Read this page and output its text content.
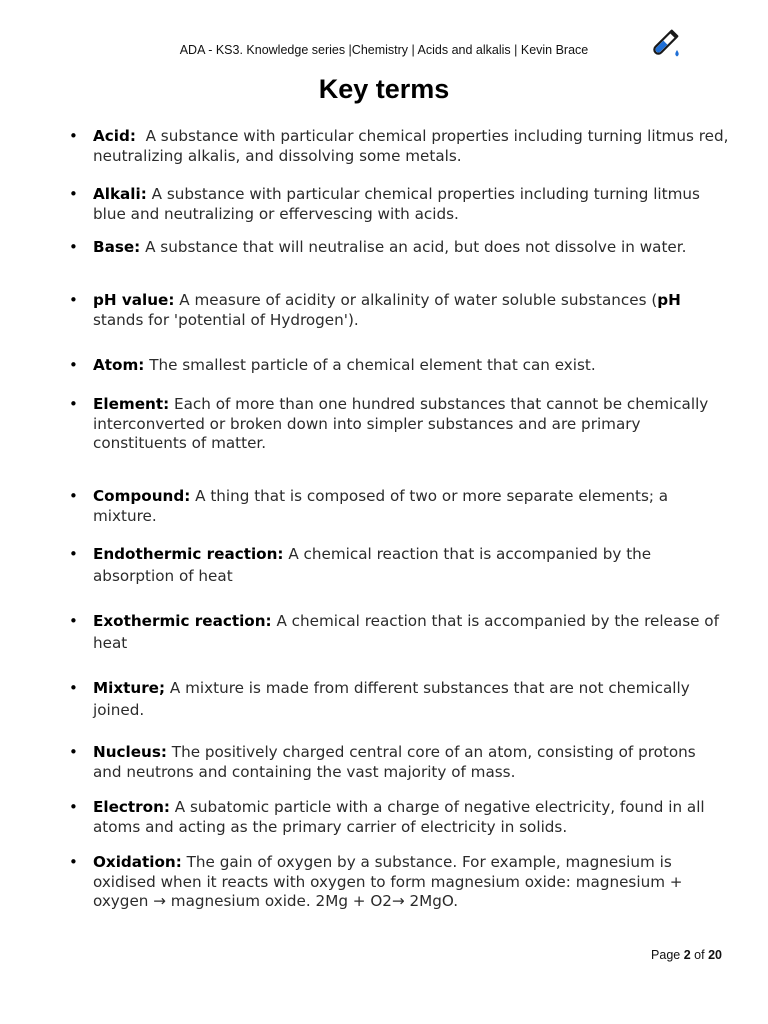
ADA - KS3. Knowledge series |Chemistry | Acids and alkalis | Kevin Brace
Key terms
• Acid: A substance with particular chemical properties including turning litmus red, neutralizing alkalis, and dissolving some metals.
• Alkali: A substance with particular chemical properties including turning litmus blue and neutralizing or effervescing with acids.
• Base: A substance that will neutralise an acid, but does not dissolve in water.
• pH value: A measure of acidity or alkalinity of water soluble substances (pH stands for 'potential of Hydrogen').
• Atom: The smallest particle of a chemical element that can exist.
• Element: Each of more than one hundred substances that cannot be chemically interconverted or broken down into simpler substances and are primary constituents of matter.
• Compound: A thing that is composed of two or more separate elements; a mixture.
• Endothermic reaction: A chemical reaction that is accompanied by the absorption of heat
• Exothermic reaction: A chemical reaction that is accompanied by the release of heat
• Mixture; A mixture is made from different substances that are not chemically joined.
• Nucleus: The positively charged central core of an atom, consisting of protons and neutrons and containing the vast majority of mass.
• Electron: A subatomic particle with a charge of negative electricity, found in all atoms and acting as the primary carrier of electricity in solids.
• Oxidation: The gain of oxygen by a substance. For example, magnesium is oxidised when it reacts with oxygen to form magnesium oxide: magnesium + oxygen → magnesium oxide. 2Mg + O2→ 2MgO.
Page 2 of 20
